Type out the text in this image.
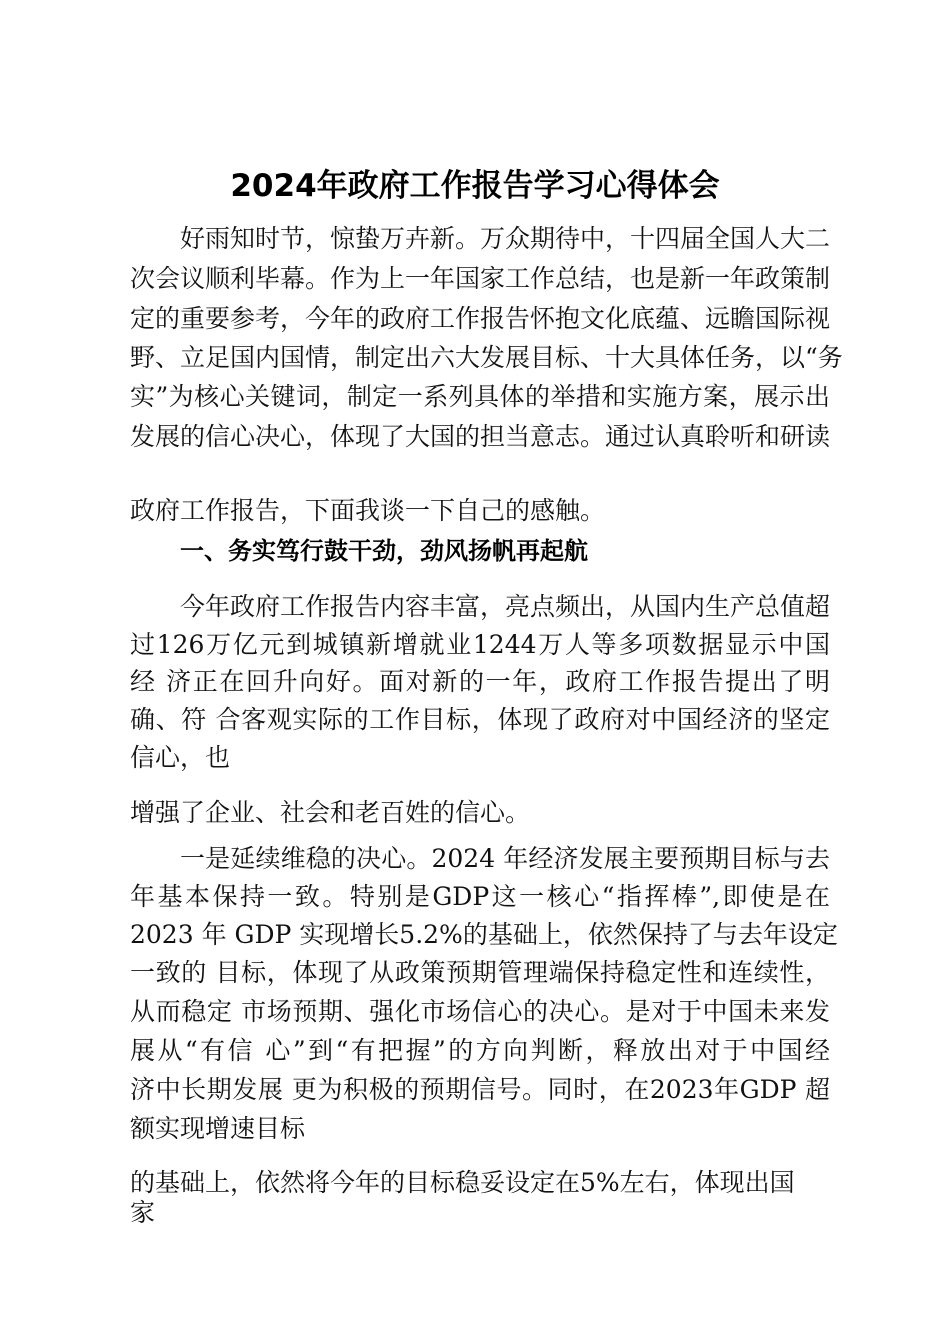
2024年政府工作报告学习心得体会

好雨知时节，惊蛰万卉新。万众期待中，十四届全国人大二

次会议顺利毕幕。作为上一年国家工作总结，也是新一年政策制

定的重要参考，今年的政府工作报告怀抱文化底蕴、远瞻国际视

野、立足国内国情，制定出六大发展目标、十大具体任务，以“务

实”为核心关键词，制定一系列具体的举措和实施方案，展示出

发展的信心决心，体现了大国的担当意志。通过认真聆听和研读

政府工作报告，下面我谈一下自己的感触。

一、务实笃行鼓干劲，劲风扬帆再起航

今年政府工作报告内容丰富，亮点频出，从国内生产总值超

过126万亿元到城镇新增就业1244万人等多项数据显示中国

经 济正在回升向好。面对新的一年，政府工作报告提出了明

确、符 合客观实际的工作目标，体现了政府对中国经济的坚定

信心，也

增强了企业、社会和老百姓的信心。

一是延续维稳的决心。2024 年经济发展主要预期目标与去

年基本保持一致。特别是GDP这一核心“指挥棒”,即使是在

2023 年 GDP 实现增长5.2%的基础上，依然保持了与去年设定

一致的 目标，体现了从政策预期管理端保持稳定性和连续性，

从而稳定 市场预期、强化市场信心的决心。是对于中国未来发

展从“有信 心”到“有把握”的方向判断，释放出对于中国经

济中长期发展 更为积极的预期信号。同时，在2023年GDP 超

额实现增速目标

的基础上，依然将今年的目标稳妥设定在5%左右，体现出国

家
